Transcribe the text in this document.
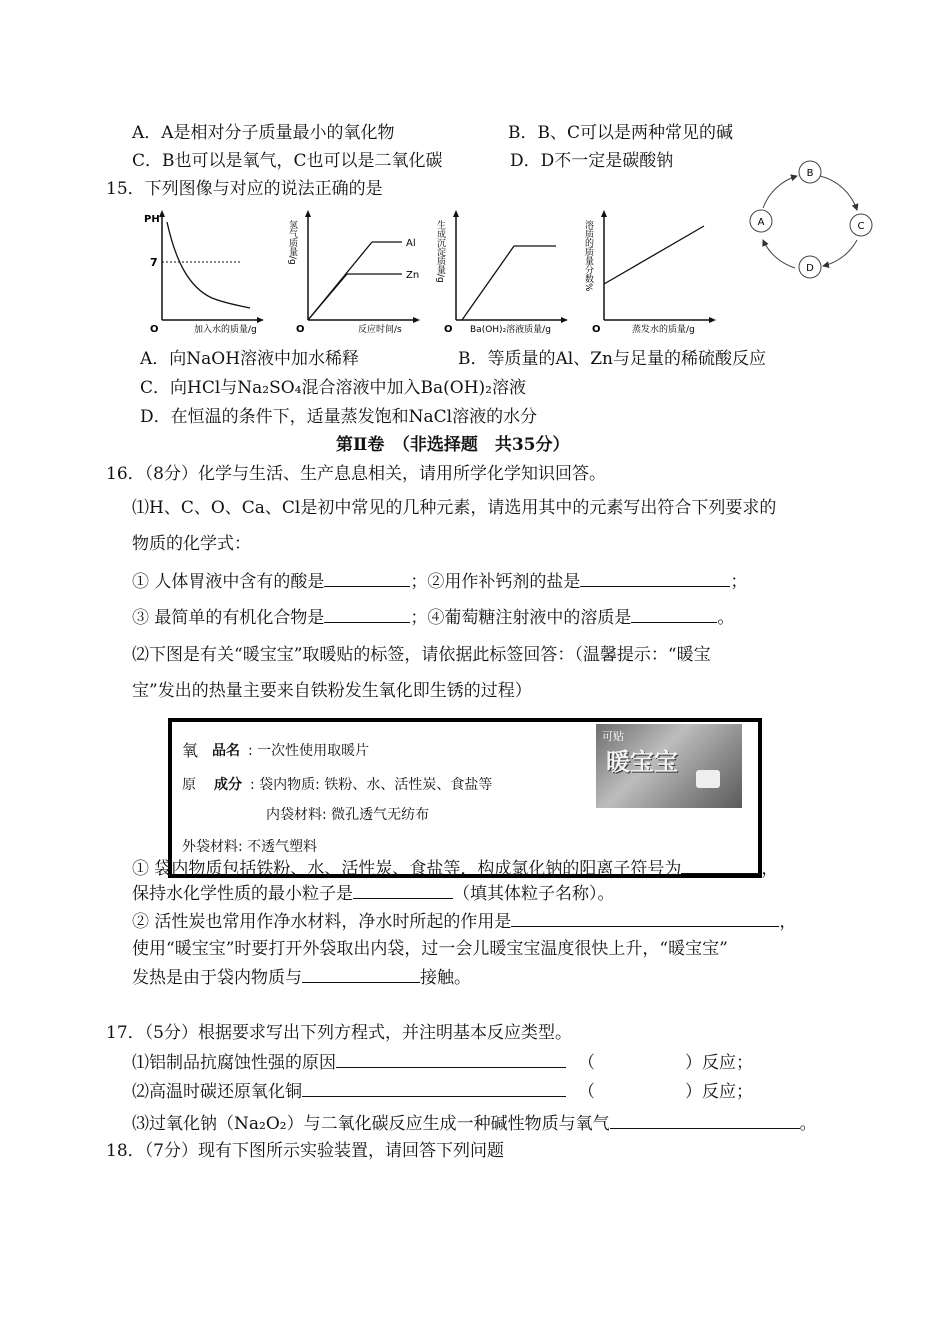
A．A是相对分子质量最小的氧化物	B．B、C可以是两种常见的碱
C．B也可以是氧气，C也可以是二氧化碳	D．D不一定是碳酸钠
B
C
D
A
15．下列图像与对应的说法正确的是
PH
7
O	加入水的质量/g
氢气质量/g	Al
Zn
O	反应时间/s
生成沉淀质量/g
O Ba(OH)₂溶液质量/g
溶质的质量分数%
O	蒸发水的质量/g
A．向NaOH溶液中加水稀释	B．等质量的Al、Zn与足量的稀硫酸反应
C．向HCl与Na₂SO₄混合溶液中加入Ba(OH)₂溶液
D．在恒温的条件下，适量蒸发饱和NaCl溶液的水分
第Ⅱ卷　（非选择题　共35分）
16．（8分）化学与生活、生产息息相关，请用所学化学知识回答。
⑴H、C、O、Ca、Cl是初中常见的几种元素，请选用其中的元素写出符合下列要求的
物质的化学式：
① 人体胃液中含有的酸是	；②用作补钙剂的盐是	；
③ 最简单的有机化合物是	；④葡萄糖注射液中的溶质是	。
⑵下图是有关“暖宝宝”取暖贴的标签，请依据此标签回答：（温馨提示：“暖宝
宝”发出的热量主要来自铁粉发生氧化即生锈的过程）
氧 品名 : 一次性使用取暖片
原 成分 : 袋内物质: 铁粉、水、活性炭、食盐等
内袋材料: 微孔透气无纺布
外袋材料: 不透气塑料
可贴
暖宝宝
① 袋内物质包括铁粉、水、活性炭、食盐等，构成氯化钠的阳离子符号为	，
保持水化学性质的最小粒子是	（填其体粒子名称）。
② 活性炭也常用作净水材料，净水时所起的作用是	，
使用“暖宝宝”时要打开外袋取出内袋，过一会儿暖宝宝温度很快上升，“暖宝宝”
发热是由于袋内物质与	接触。
17．（5分）根据要求写出下列方程式，并注明基本反应类型。
⑴铝制品抗腐蚀性强的原因	（	）反应；
⑵高温时碳还原氧化铜	（	）反应；
⑶过氧化钠（Na₂O₂）与二氧化碳反应生成一种碱性物质与氧气	。
18．（7分）现有下图所示实验装置，请回答下列问题
